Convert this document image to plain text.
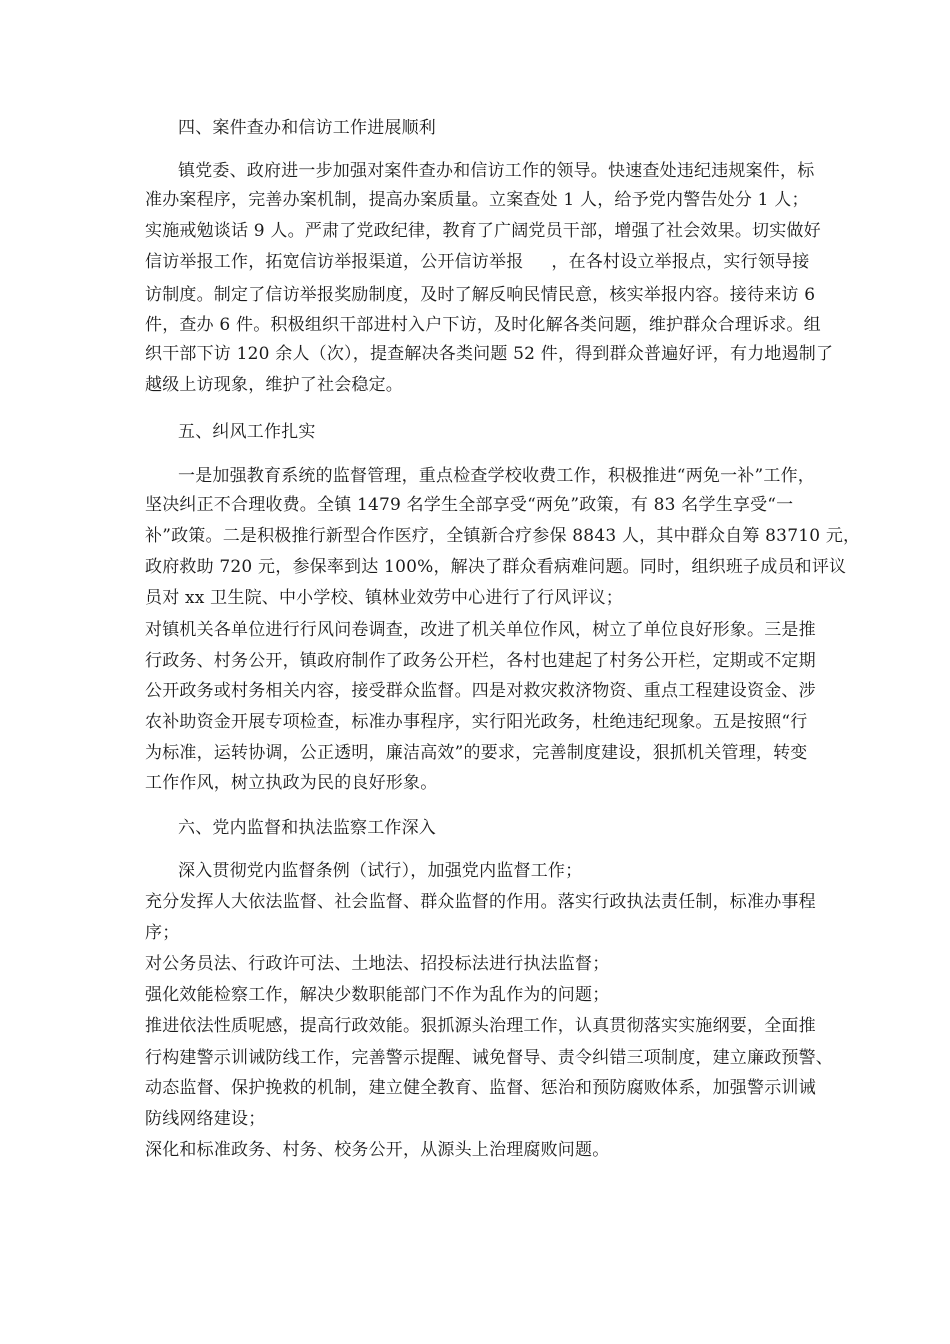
四、案件查办和信访工作进展顺利
镇党委、政府进一步加强对案件查办和信访工作的领导。快速查处违纪违规案件，标
准办案程序，完善办案机制，提高办案质量。立案查处 1 人，给予党内警告处分 1 人；
实施戒勉谈话 9 人。严肃了党政纪律，教育了广阔党员干部，增强了社会效果。切实做好
信访举报工作，拓宽信访举报渠道，公开信访举报     ，在各村设立举报点，实行领导接
访制度。制定了信访举报奖励制度，及时了解反响民情民意，核实举报内容。接待来访 6
件，查办 6 件。积极组织干部进村入户下访，及时化解各类问题，维护群众合理诉求。组
织干部下访 120 余人（次），提查解决各类问题 52 件，得到群众普遍好评，有力地遏制了
越级上访现象，维护了社会稳定。
五、纠风工作扎实
一是加强教育系统的监督管理，重点检查学校收费工作，积极推进“两免一补”工作，
坚决纠正不合理收费。全镇 1479 名学生全部享受“两免”政策，有 83 名学生享受“一
补”政策。二是积极推行新型合作医疗，全镇新合疗参保 8843 人，其中群众自筹 83710 元，
政府救助 720 元，参保率到达 100%，解决了群众看病难问题。同时，组织班子成员和评议
员对 xx 卫生院、中小学校、镇林业效劳中心进行了行风评议；
对镇机关各单位进行行风问卷调查，改进了机关单位作风，树立了单位良好形象。三是推
行政务、村务公开，镇政府制作了政务公开栏，各村也建起了村务公开栏，定期或不定期
公开政务或村务相关内容，接受群众监督。四是对救灾救济物资、重点工程建设资金、涉
农补助资金开展专项检查，标准办事程序，实行阳光政务，杜绝违纪现象。五是按照“行
为标准，运转协调，公正透明，廉洁高效”的要求，完善制度建设，狠抓机关管理，转变
工作作风，树立执政为民的良好形象。
六、党内监督和执法监察工作深入
深入贯彻党内监督条例（试行），加强党内监督工作；
充分发挥人大依法监督、社会监督、群众监督的作用。落实行政执法责任制，标准办事程
序；
对公务员法、行政许可法、土地法、招投标法进行执法监督；
强化效能检察工作，解决少数职能部门不作为乱作为的问题；
推进依法性质呢感，提高行政效能。狠抓源头治理工作，认真贯彻落实实施纲要，全面推
行构建警示训诫防线工作，完善警示提醒、诫免督导、责令纠错三项制度，建立廉政预警、
动态监督、保护挽救的机制，建立健全教育、监督、惩治和预防腐败体系，加强警示训诫
防线网络建设；
深化和标准政务、村务、校务公开，从源头上治理腐败问题。
